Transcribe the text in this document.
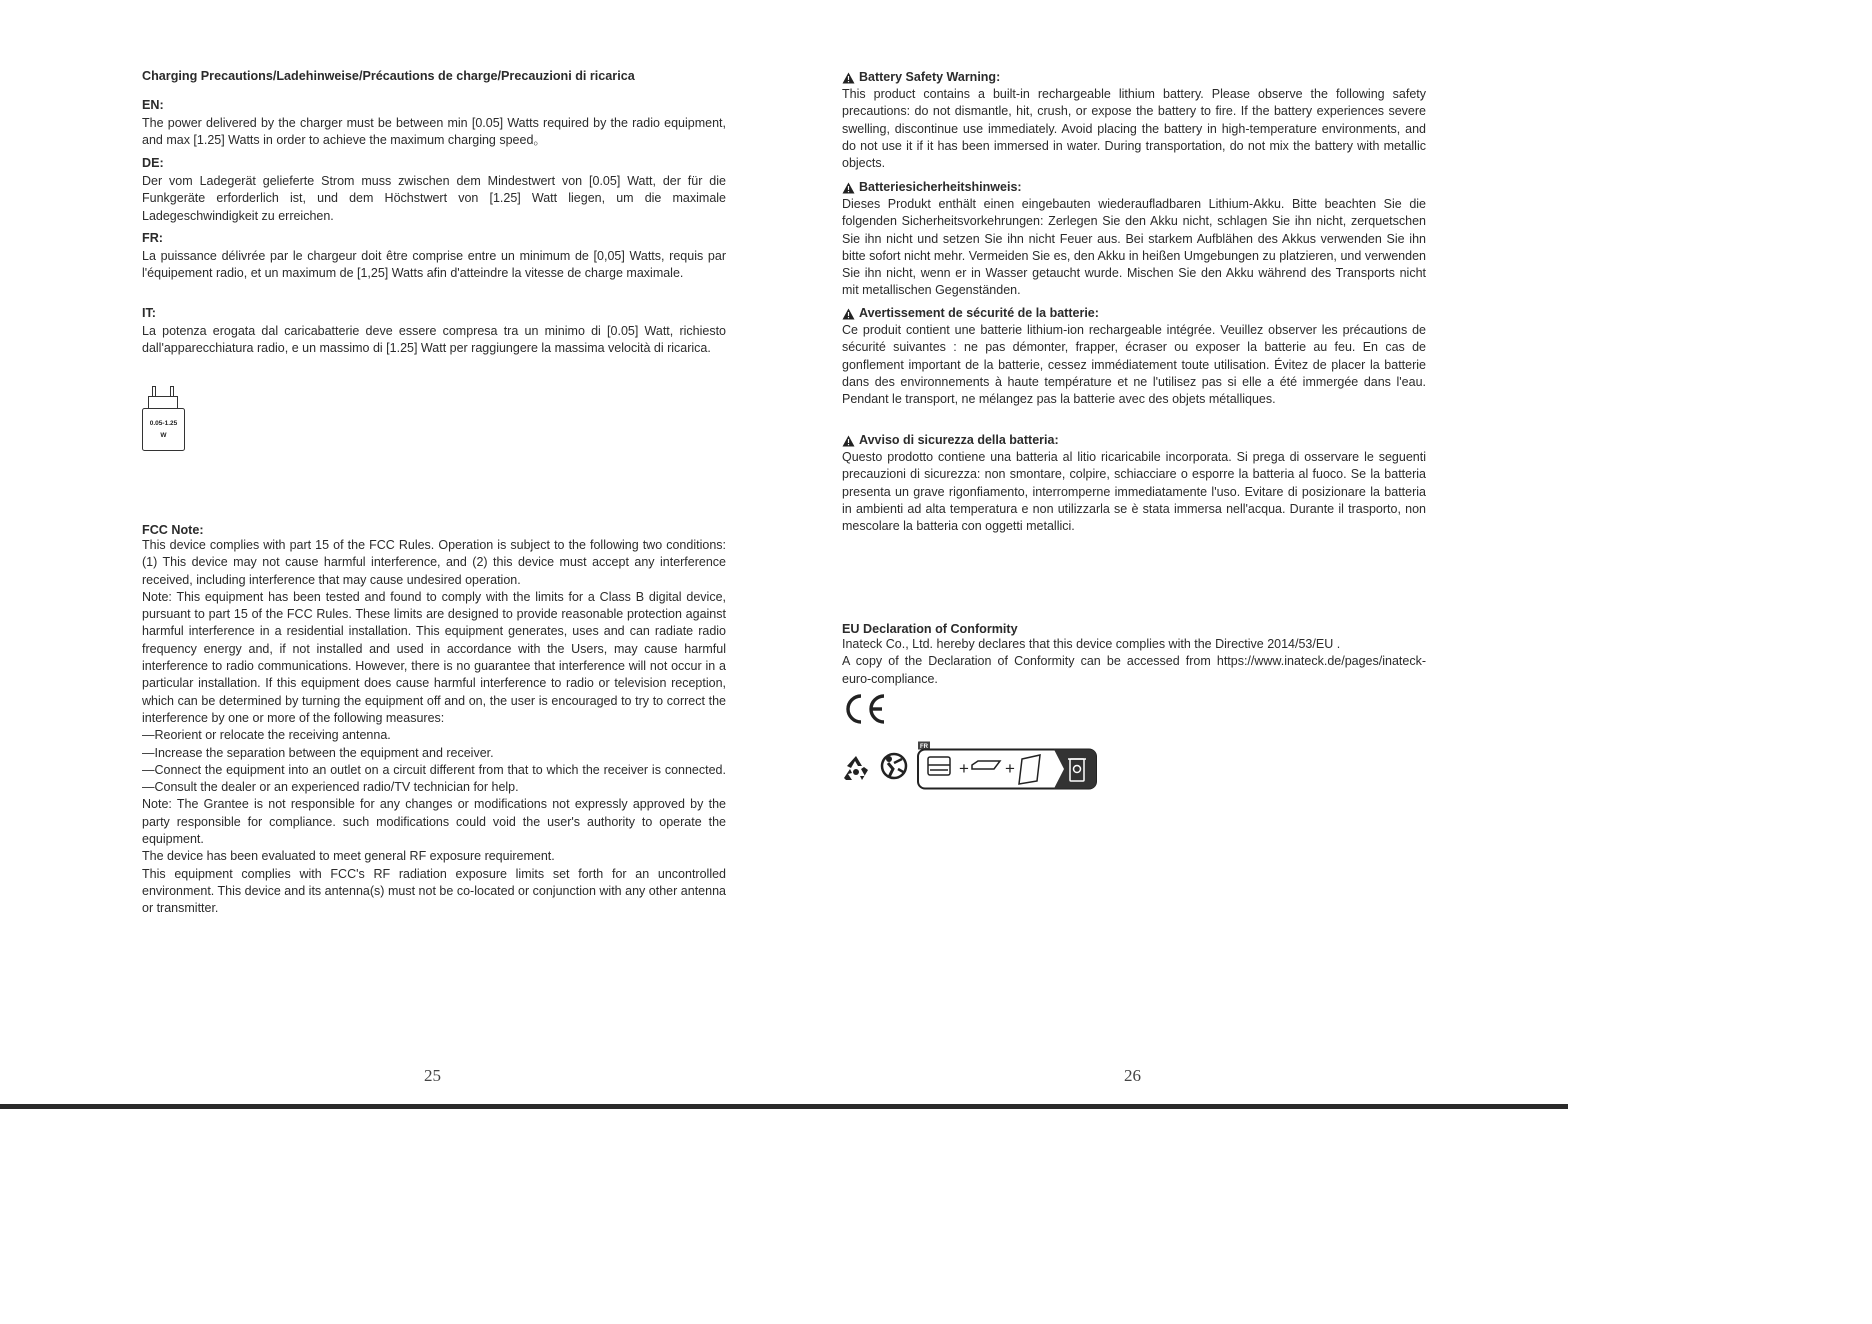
Charging Precautions/Ladehinweise/Précautions de charge/Precauzioni di ricarica
EN:

The power delivered by the charger must be between min [0.05] Watts required by the radio equipment, and max [1.25] Watts in order to achieve the maximum charging speed。

DE:

Der vom Ladegerät gelieferte Strom muss zwischen dem Mindestwert von [0.05] Watt, der für die Funkgeräte erforderlich ist, und dem Höchstwert von [1.25] Watt liegen, um die maximale Ladegeschwindigkeit zu erreichen.

FR:

La puissance délivrée par le chargeur doit être comprise entre un minimum de [0,05] Watts, requis par l'équipement radio, et un maximum de [1,25] Watts afin d'atteindre la vitesse de charge maximale.

IT:

La potenza erogata dal caricabatterie deve essere compresa tra un minimo di [0.05] Watt, richiesto dall'apparecchiatura radio, e un massimo di [1.25] Watt per raggiungere la massima velocità di ricarica.

0.05-1.25
W
FCC Note:

This device complies with part 15 of the FCC Rules. Operation is subject to the following two conditions: (1) This device may not cause harmful interference, and (2) this device must accept any interference received, including interference that may cause undesired operation.

Note: This equipment has been tested and found to comply with the limits for a Class B digital device, pursuant to part 15 of the FCC Rules. These limits are designed to provide reasonable protection against harmful interference in a residential installation. This equipment generates, uses and can radiate radio frequency energy and, if not installed and used in accordance with the Users, may cause harmful interference to radio communications. However, there is no guarantee that interference will not occur in a particular installation. If this equipment does cause harmful interference to radio or television reception, which can be determined by turning the equipment off and on, the user is encouraged to try to correct the interference by one or more of the following measures:

—Reorient or relocate the receiving antenna.

—Increase the separation between the equipment and receiver.

—Connect the equipment into an outlet on a circuit different from that to which the receiver is connected. —Consult the dealer or an experienced radio/TV technician for help.

Note: The Grantee is not responsible for any changes or modifications not expressly approved by the party responsible for compliance. such modifications could void the user's authority to operate the equipment.

The device has been evaluated to meet general RF exposure requirement.

This equipment complies with FCC's RF radiation exposure limits set forth for an uncontrolled environment. This device and its antenna(s) must not be co-located or conjunction with any other antenna or transmitter.

25
Battery Safety Warning:

This product contains a built-in rechargeable lithium battery. Please observe the following safety precautions: do not dismantle, hit, crush, or expose the battery to fire. If the battery experiences severe swelling, discontinue use immediately. Avoid placing the battery in high-temperature environments, and do not use it if it has been immersed in water. During transportation, do not mix the battery with metallic objects.

Batteriesicherheitshinweis:

Dieses Produkt enthält einen eingebauten wiederaufladbaren Lithium-Akku. Bitte beachten Sie die folgenden Sicherheitsvorkehrungen: Zerlegen Sie den Akku nicht, schlagen Sie ihn nicht, zerquetschen Sie ihn nicht und setzen Sie ihn nicht Feuer aus. Bei starkem Aufblähen des Akkus verwenden Sie ihn bitte sofort nicht mehr. Vermeiden Sie es, den Akku in heißen Umgebungen zu platzieren, und verwenden Sie ihn nicht, wenn er in Wasser getaucht wurde. Mischen Sie den Akku während des Transports nicht mit metallischen Gegenständen.

Avertissement de sécurité de la batterie:

Ce produit contient une batterie lithium-ion rechargeable intégrée. Veuillez observer les précautions de sécurité suivantes : ne pas démonter, frapper, écraser ou exposer la batterie au feu. En cas de gonflement important de la batterie, cessez immédiatement toute utilisation. Évitez de placer la batterie dans des environnements à haute température et ne l'utilisez pas si elle a été immergée dans l'eau. Pendant le transport, ne mélangez pas la batterie avec des objets métalliques.

Avviso di sicurezza della batteria:

Questo prodotto contiene una batteria al litio ricaricabile incorporata. Si prega di osservare le seguenti precauzioni di sicurezza: non smontare, colpire, schiacciare o esporre la batteria al fuoco. Se la batteria presenta un grave rigonfiamento, interromperne immediatamente l'uso. Evitare di posizionare la batteria in ambienti ad alta temperatura e non utilizzarla se è stata immersa nell'acqua. Durante il trasporto, non mescolare la batteria con oggetti metallici.

EU Declaration of Conformity

Inateck Co., Ltd. hereby declares that this device complies with the Directive 2014/53/EU .

A copy of the Declaration of Conformity can be accessed from https://www.inateck.de/pages/inateck-euro-compliance.

FR
+ +
26
